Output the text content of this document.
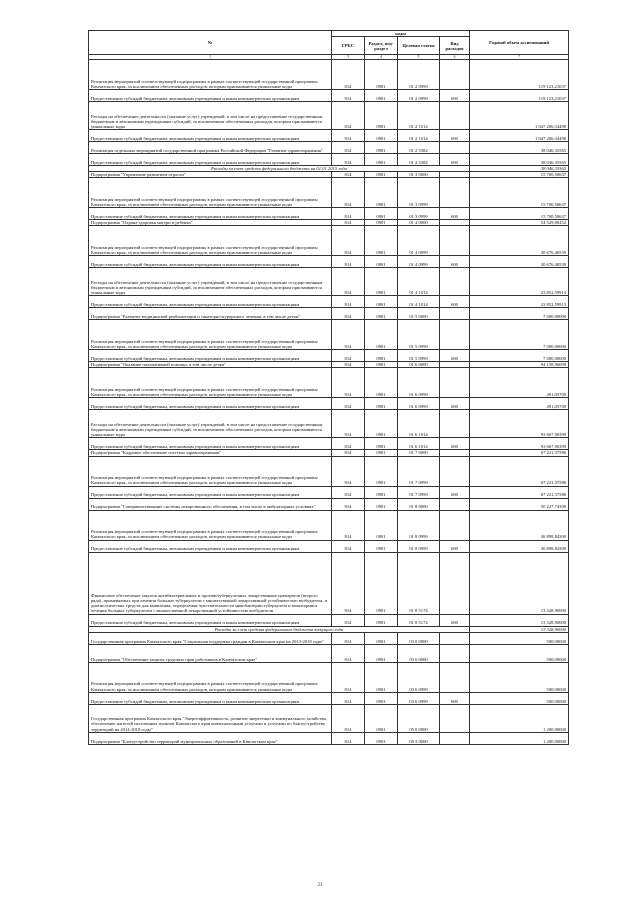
№	коды				Годовой объем ассигнований
	ГРБС	Раздел, под-раздел	Целевая статья	Вид расходов	
1	3	4	5	6	7
Реализация мероприятий соответствующей подпрограммы в рамках соответствующей государственной программы Камчатского края, за исключением обеспеченных расходов, которым присваиваются уникальные коды	814	0901	01 2 0999		119 123,21037
Предоставление субсидий бюджетным, автономным учреждениям и иным некоммерческим организациям	814	0901	01 2 0999	600	119 123,21037
Расходы на обеспечение деятельности (оказание услуг) учреждений, в том числе на предоставление государственным бюджетным и автономным учреждениям субсидий, за исключением обеспеченных расходов, которым присваиваются уникальные коды	814	0901	01 2 1014		1 047 206,34490
Предоставление субсидий бюджетным, автономным учреждениям и иным некоммерческим организациям	814	0901	01 2 1014	600	1 047 206,34490
Реализация отдельных мероприятий государственной программы Российской Федерации "Развитие здравоохранения"	814	0901	01 2 5382		38 046,35565
Предоставление субсидий бюджетным, автономным учреждениям и иным некоммерческим организациям	814	0901	01 2 5382	600	38 046,35565
Расходы за счет средств федерального бюджета на 01.01.2015 года					38 046,35565
Подпрограмма "Управление развитием отрасли"	814	0901	01 3 0000		15 700,50637
Реализация мероприятий соответствующей подпрограммы в рамках соответствующей государственной программы Камчатского края, за исключением обеспеченных расходов, которым присваиваются уникальные коды	814	0901	01 3 0999		15 700,50637
Предоставление субсидий бюджетным, автономным учреждениям и иным некоммерческим организациям	814	0901	01 3 0999	600	15 700,50637
Подпрограмма "Охрана здоровья матери и ребенка"	814	0901	01 4 0000		54 529,00452
Реализация мероприятий соответствующей подпрограммы в рамках соответствующей государственной программы Камчатского края, за исключением обеспеченных расходов, которым присваиваются уникальные коды	814	0901	01 4 0999		30 676,40539
Предоставление субсидий бюджетным, автономным учреждениям и иным некоммерческим организациям	814	0901	01 4 0999	600	30 676,40539
Расходы на обеспечение деятельности (оказание услуг) учреждений, в том числе на предоставление государственным бюджетным и автономным учреждениям субсидий, за исключением обеспеченных расходов, которым присваиваются уникальные коды	814	0901	01 4 1014		23 852,59913
Предоставление субсидий бюджетным, автономным учреждениям и иным некоммерческим организациям	814	0901	01 4 1014	600	23 852,59913
Подпрограмма "Развитие медицинской реабилитации и санаторно-курортного лечения, в том числе детям"	814	0901	01 5 0000		7 000,00000
Реализация мероприятий соответствующей подпрограммы в рамках соответствующей государственной программы Камчатского края, за исключением обеспеченных расходов, которым присваиваются уникальные коды	814	0901	01 5 0999		7 000,00000
Предоставление субсидий бюджетным, автономным учреждениям и иным некоммерческим организациям	814	0901	01 5 0999	600	7 000,00000
Подпрограмма "Оказание паллиативной помощи, в том числе детям"	814	0901	01 6 0000		94 158,96099
Реализация мероприятий соответствующей подпрограммы в рамках соответствующей государственной программы Камчатского края, за исключением обеспеченных расходов, которым присваиваются уникальные коды	814	0901	01 6 0999		491,05700
Предоставление субсидий бюджетным, автономным учреждениям и иным некоммерческим организациям	814	0901	01 6 0999	600	491,05700
Расходы на обеспечение деятельности (оказание услуг) учреждений, в том числе на предоставление государственным бюджетным и автономным учреждениям субсидий, за исключением обеспеченных расходов, которым присваиваются уникальные коды	814	0901	01 6 1014		93 667,90399
Предоставление субсидий бюджетным, автономным учреждениям и иным некоммерческим организациям	814	0901	01 6 1014	600	93 667,90399
Подпрограмма "Кадровое обеспечение системы здравоохранения"	814	0901	01 7 0000		67 221,37586
Реализация мероприятий соответствующей подпрограммы в рамках соответствующей государственной программы Камчатского края, за исключением обеспеченных расходов, которым присваиваются уникальные коды	814	0901	01 7 0999		67 221,37586
Предоставление субсидий бюджетным, автономным учреждениям и иным некоммерческим организациям	814	0901	01 7 0999	600	67 221,37586
Подпрограмма "Совершенствование системы лекарственного обеспечения, в том числе в амбулаторных условиях"	814	0901	01 8 0000		50 227,74300
Реализация мероприятий соответствующей подпрограммы в рамках соответствующей государственной программы Камчатского края, за исключением обеспеченных расходов, которым присваиваются уникальные коды	814	0901	01 8 0999		36 898,84300
Предоставление субсидий бюджетным, автономным учреждениям и иным некоммерческим организациям	814	0901	01 8 0999	600	36 898,84300
Финансовое обеспечение закупок антибактериальных и противотуберкулезных лекарственных препаратов (второго ряда), применяемых при лечении больных туберкулезом с множественной лекарственной устойчивостью возбудителя, и диагностических средств для выявления, определения чувствительности микобактерии туберкулеза и мониторинга лечения больных туберкулезом с множественной лекарственной устойчивостью возбудителя	814	0901	01 8 5174		13 328,90000
Предоставление субсидий бюджетным, автономным учреждениям и иным некоммерческим организациям	814	0901	01 8 5174	600	13 328,90000
Расходы за счет средств федерального бюджета текущего года					13 328,90000
Государственная программа Камчатского края "Социальная поддержка граждан в Камчатском крае на 2013-2018 годы"	814	0901	03 0 0000		500,00000
Подпрограмма "Обеспечение защиты трудовых прав работников в Камчатском крае"	814	0901	03 6 0000		500,00000
Реализация мероприятий соответствующей подпрограммы в рамках соответствующей государственной программы Камчатского края, за исключением обеспеченных расходов, которым присваиваются уникальные коды	814	0901	03 6 0999		500,00000
Предоставление субсидий бюджетным, автономным учреждениям и иным некоммерческим организациям	814	0901	03 6 0999	600	500,00000
Государственная программа Камчатского края "Энергоэффективность, развитие энергетики и коммунального хозяйства, обеспечение жителей населенных пунктов Камчатского края коммунальными услугами и услугами по благоустройству территорий на 2014-2018 годы"	814	0901	05 0 0000		1 200,00000
Подпрограмма "Благоустройство территорий муниципальных образований в Камчатском крае"	814	0901	05 3 0000		1 200,00000
21
